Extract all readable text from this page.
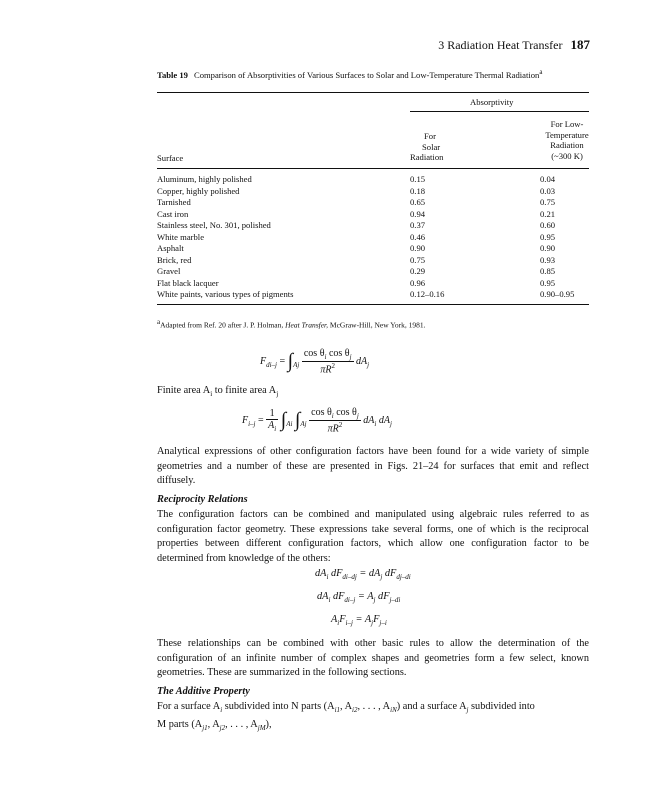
3 Radiation Heat Transfer 187
Table 19 Comparison of Absorptivities of Various Surfaces to Solar and Low-Temperature Thermal Radiation$^a$
Absorptivity
Surface
For
Solar
Radiation
For Low-
Temperature
Radiation
(~300 K)
Aluminum, highly polished	0.15	0.04
Copper, highly polished	0.18	0.03
Tarnished	0.65	0.75
Cast iron	0.94	0.21
Stainless steel, No. 301, polished	0.37	0.60
White marble	0.46	0.95
Asphalt	0.90	0.90
Brick, red	0.75	0.93
Gravel	0.29	0.85
Flat black lacquer	0.96	0.95
White paints, various types of pigments	0.12–0.16	0.90–0.95
$^a$Adapted from Ref. 20 after J. P. Holman, Heat Transfer, McGraw-Hill, New York, 1981.
$F_{di-j} = \int_{Aj} \frac{\cos \theta_i \cos \theta_j}{\pi R^2} dA_j$
Finite area $A_i$ to finite area $A_j$
$F_{i-j} = \frac{1}{A_i} \int_{Ai}$ $\int_{Aj} \frac{\cos \theta_i \cos \theta_j}{\pi R^2} dA_i$ $dA_j$
Analytical expressions of other configuration factors have been found for a wide variety of simple geometries and a number of these are presented in Figs. 21–24 for surfaces that emit and reflect diffusely.
Reciprocity Relations
The configuration factors can be combined and manipulated using algebraic rules referred to as configuration factor geometry. These expressions take several forms, one of which is the reciprocal properties between different configuration factors, which allow one configuration factor to be determined from knowledge of the others:
$dA_i$ $dF_{di-dj} = dA_j$ $dF_{dj-di}$
$dA_i$ $dF_{di-j} = A_j$ $dF_{j-di}$
$A_iF_{i-j} = A_jF_{j-i}$
These relationships can be combined with other basic rules to allow the determination of the configuration of an infinite number of complex shapes and geometries form a few select, known geometries. These are summarized in the following sections.
The Additive Property
For a surface $A_i$ subdivided into N parts ($A_{i1}$, $A_{i2}$, . . . , $A_{iN}$) and a surface $A_j$ subdivided into
M parts ($A_{j1}$, $A_{j2}$, . . . , $A_{jM}$),
